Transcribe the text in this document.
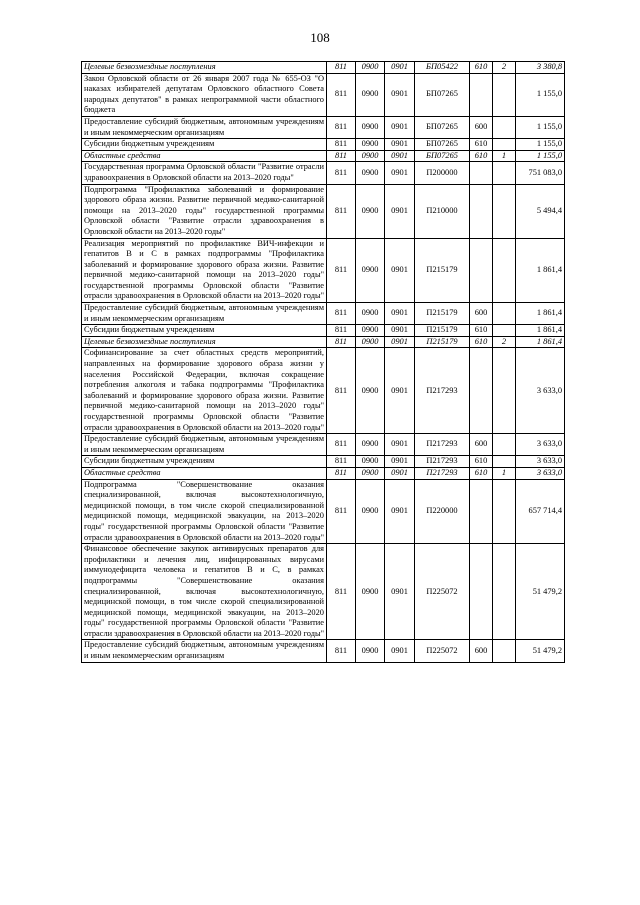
108
Целевые безвозмездные поступления	811	0900	0901	БП05422	610	2	3 380,8
Закон Орловской области от 26 января 2007 года № 655-ОЗ "О наказах избирателей депутатам Орловского областного Совета народных депутатов" в рамках непрограммной части областного бюджета	811	0900	0901	БП07265			1 155,0
Предоставление субсидий бюджетным, автономным учреждениям и иным некоммерческим организациям	811	0900	0901	БП07265	600		1 155,0
Субсидии бюджетным учреждениям	811	0900	0901	БП07265	610		1 155,0
Областные средства	811	0900	0901	БП07265	610	1	1 155,0
Государственная программа Орловской области "Развитие отрасли здравоохранения в Орловской области на 2013–2020 годы"	811	0900	0901	П200000			751 083,0
Подпрограмма "Профилактика заболеваний и формирование здорового образа жизни. Развитие первичной медико-санитарной помощи на 2013–2020 годы" государственной программы Орловской области "Развитие отрасли здравоохранения в Орловской области на 2013–2020 годы"	811	0900	0901	П210000			5 494,4
Реализация мероприятий по профилактике ВИЧ-инфекции и гепатитов В и С в рамках подпрограммы "Профилактика заболеваний и формирование здорового образа жизни. Развитие первичной медико-санитарной помощи на 2013–2020 годы" государственной программы Орловской области "Развитие отрасли здравоохранения в Орловской области на 2013–2020 годы"	811	0900	0901	П215179			1 861,4
Предоставление субсидий бюджетным, автономным учреждениям и иным некоммерческим организациям	811	0900	0901	П215179	600		1 861,4
Субсидии бюджетным учреждениям	811	0900	0901	П215179	610		1 861,4
Целевые безвозмездные поступления	811	0900	0901	П215179	610	2	1 861,4
Софинансирование за счет областных средств мероприятий, направленных на формирование здорового образа жизни у населения Российской Федерации, включая сокращение потребления алкоголя и табака подпрограммы "Профилактика заболеваний и формирование здорового образа жизни. Развитие первичной медико-санитарной помощи на 2013–2020 годы" государственной программы Орловской области "Развитие отрасли здравоохранения в Орловской области на 2013–2020 годы"	811	0900	0901	П217293			3 633,0
Предоставление субсидий бюджетным, автономным учреждениям и иным некоммерческим организациям	811	0900	0901	П217293	600		3 633,0
Субсидии бюджетным учреждениям	811	0900	0901	П217293	610		3 633,0
Областные средства	811	0900	0901	П217293	610	1	3 633,0
Подпрограмма "Совершенствование оказания специализированной, включая высокотехнологичную, медицинской помощи, в том числе скорой специализированной медицинской помощи, медицинской эвакуации, на 2013–2020 годы" государственной программы Орловской области "Развитие отрасли здравоохранения в Орловской области на 2013–2020 годы"	811	0900	0901	П220000			657 714,4
Финансовое обеспечение закупок антивирусных препаратов для профилактики и лечения лиц, инфицированных вирусами иммунодефицита человека и гепатитов В и С, в рамках подпрограммы "Совершенствование оказания специализированной, включая высокотехнологичную, медицинской помощи, в том числе скорой специализированной медицинской помощи, медицинской эвакуации, на 2013–2020 годы" государственной программы Орловской области "Развитие отрасли здравоохранения в Орловской области на 2013–2020 годы"	811	0900	0901	П225072			51 479,2
Предоставление субсидий бюджетным, автономным учреждениям и иным некоммерческим организациям	811	0900	0901	П225072	600		51 479,2
